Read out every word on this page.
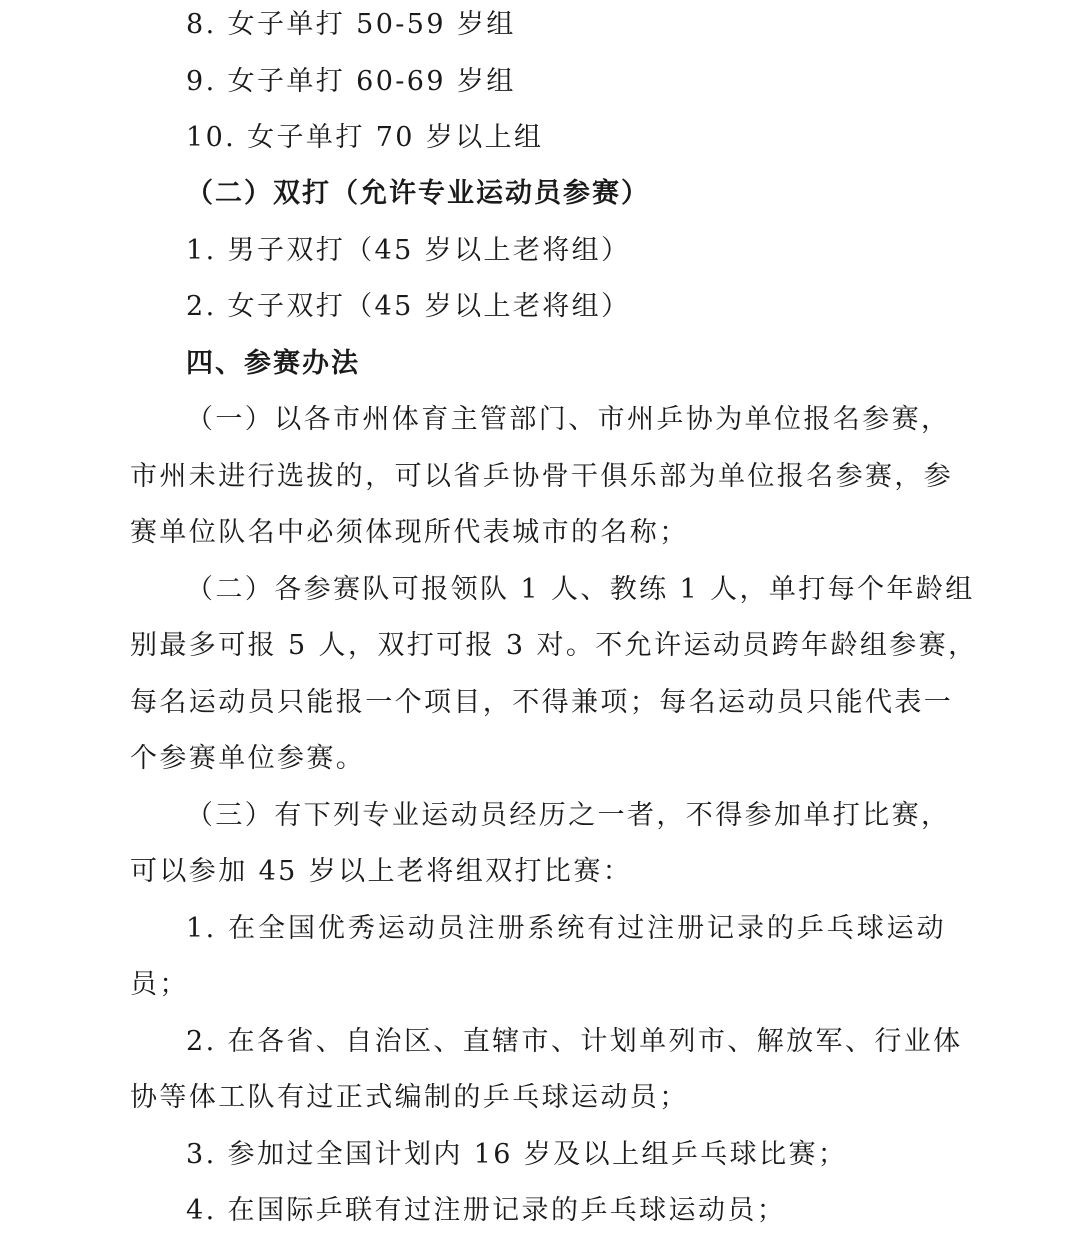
8. 女子单打 50-59 岁组
9. 女子单打 60-69 岁组
10. 女子单打 70 岁以上组
（二）双打（允许专业运动员参赛）
1. 男子双打（45 岁以上老将组）
2. 女子双打（45 岁以上老将组）
四、参赛办法
（一）以各市州体育主管部门、市州乒协为单位报名参赛，
市州未进行选拔的，可以省乒协骨干俱乐部为单位报名参赛，参
赛单位队名中必须体现所代表城市的名称；
（二）各参赛队可报领队 1 人、教练 1 人，单打每个年龄组
别最多可报 5 人，双打可报 3 对。不允许运动员跨年龄组参赛，
每名运动员只能报一个项目，不得兼项；每名运动员只能代表一
个参赛单位参赛。
（三）有下列专业运动员经历之一者，不得参加单打比赛，
可以参加 45 岁以上老将组双打比赛：
1. 在全国优秀运动员注册系统有过注册记录的乒乓球运动
员；
2. 在各省、自治区、直辖市、计划单列市、解放军、行业体
协等体工队有过正式编制的乒乓球运动员；
3. 参加过全国计划内 16 岁及以上组乒乓球比赛；
4. 在国际乒联有过注册记录的乒乓球运动员；
